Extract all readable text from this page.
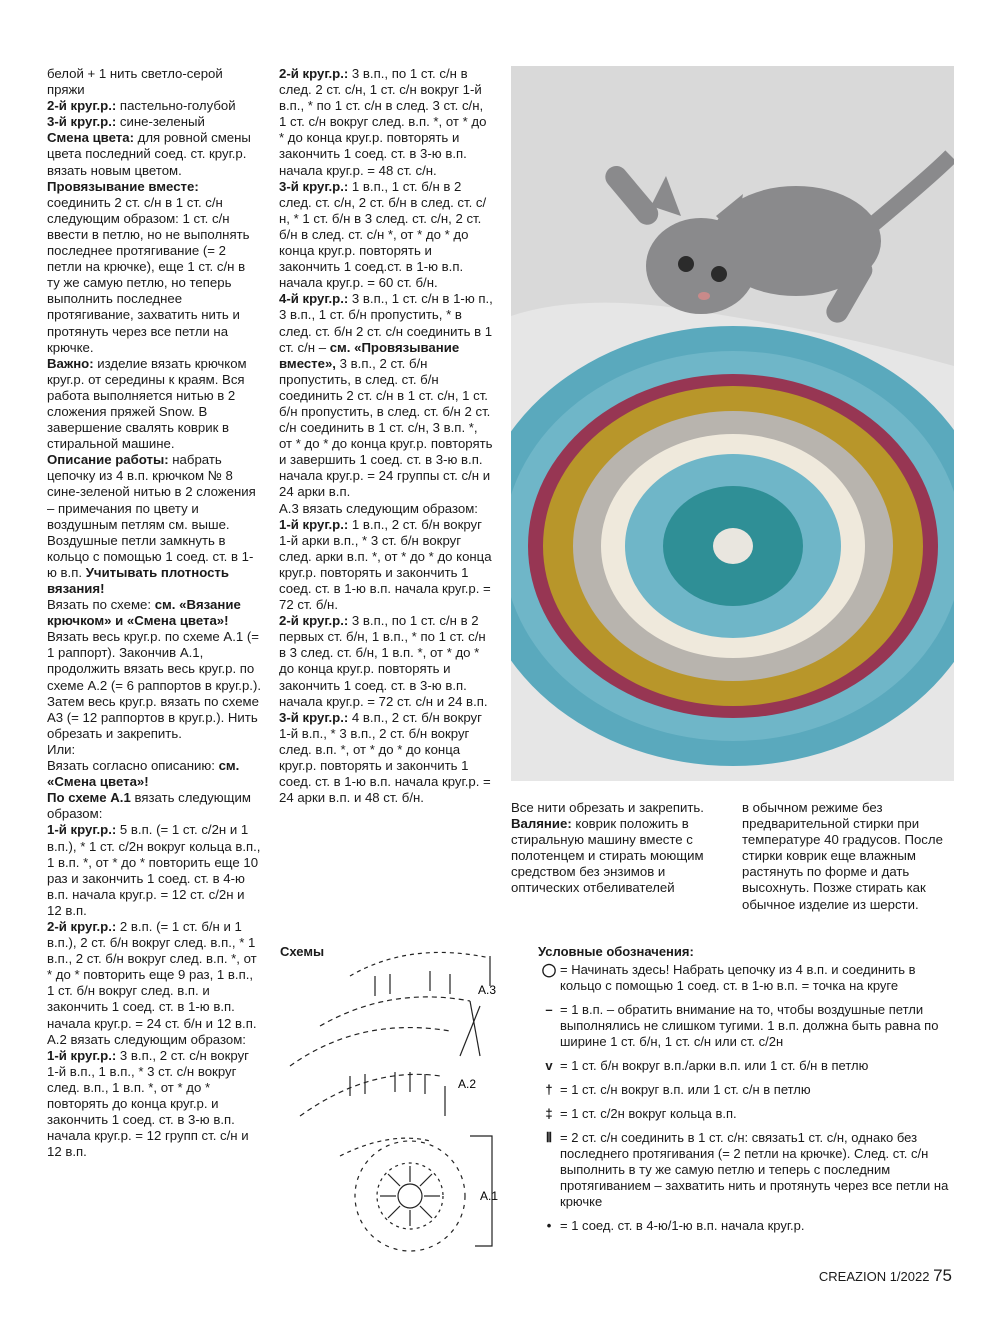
белой + 1 нить светло-серой пряжи

2-й круг.р.: пастельно-голубой

3-й круг.р.: сине-зеленый

Смена цвета: для ровной смены цвета последний соед. ст. круг.р. вязать новым цветом.

Провязывание вместе: соединить 2 ст. с/н в 1 ст. с/н следующим образом: 1 ст. с/н ввести в петлю, но не выполнять последнее протягивание (= 2 петли на крючке), еще 1 ст. с/н в ту же самую петлю, но теперь выполнить последнее протягивание, захватить нить и протянуть через все петли на крючке.

Важно: изделие вязать крючком круг.р. от середины к краям. Вся работа выполняется нитью в 2 сложения пряжей Snow. В завершение свалять коврик в стиральной машине.

Описание работы: набрать цепочку из 4 в.п. крючком № 8 сине-зеленой нитью в 2 сложения – примечания по цвету и воздушным петлям см. выше. Воздушные петли замкнуть в кольцо с помощью 1 соед. ст. в 1-ю в.п. Учитывать плотность вязания!

Вязать по схеме: см. «Вязание крючком» и «Смена цвета»!

Вязать весь круг.р. по схеме A.1 (= 1 раппорт). Закончив A.1, продолжить вязать весь круг.р. по схеме A.2 (= 6 раппортов в круг.р.). Затем весь круг.р. вязать по схеме A3 (= 12 раппортов в круг.р.). Нить обрезать и закрепить.

Или:

Вязать согласно описанию: см. «Смена цвета»!

По схеме A.1 вязать следующим образом:

1-й круг.р.: 5 в.п. (= 1 ст. с/2н и 1 в.п.), * 1 ст. с/2н вокруг кольца в.п., 1 в.п. *, от * до * повторить еще 10 раз и закончить 1 соед. ст. в 4-ю в.п. начала круг.р. = 12 ст. с/2н и 12 в.п.

2-й круг.р.: 2 в.п. (= 1 ст. б/н и 1 в.п.), 2 ст. б/н вокруг след. в.п., * 1 в.п., 2 ст. б/н вокруг след. в.п. *, от * до * повторить еще 9 раз, 1 в.п., 1 ст. б/н вокруг след. в.п. и закончить 1 соед. ст. в 1-ю в.п. начала круг.р. = 24 ст. б/н и 12 в.п.

A.2 вязать следующим образом:

1-й круг.р.: 3 в.п., 2 ст. с/н вокруг 1-й в.п., 1 в.п., * 3 ст. с/н вокруг след. в.п., 1 в.п. *, от * до * повторять до конца круг.р. и закончить 1 соед. ст. в 3-ю в.п. начала круг.р. = 12 групп ст. с/н и 12 в.п.

2-й круг.р.: 3 в.п., по 1 ст. с/н в след. 2 ст. с/н, 1 ст. с/н вокруг 1-й в.п., * по 1 ст. с/н в след. 3 ст. с/н, 1 ст. с/н вокруг след. в.п. *, от * до * до конца круг.р. повторять и закончить 1 соед. ст. в 3-ю в.п. начала круг.р. = 48 ст. с/н.

3-й круг.р.: 1 в.п., 1 ст. б/н в 2 след. ст. с/н, 2 ст. б/н в след. ст. с/н, * 1 ст. б/н в 3 след. ст. с/н, 2 ст. б/н в след. ст. с/н *, от * до * до конца круг.р. повторять и закончить 1 соед.ст. в 1-ю в.п. начала круг.р. = 60 ст. б/н.

4-й круг.р.: 3 в.п., 1 ст. с/н в 1-ю п., 3 в.п., 1 ст. б/н пропустить, * в след. ст. б/н 2 ст. с/н соединить в 1 ст. с/н – см. «Провязывание вместе», 3 в.п., 2 ст. б/н пропустить, в след. ст. б/н соединить 2 ст. с/н в 1 ст. с/н, 1 ст. б/н пропустить, в след. ст. б/н 2 ст. с/н соединить в 1 ст. с/н, 3 в.п. *, от * до * до конца круг.р. повторять и завершить 1 соед. ст. в 3-ю в.п. начала круг.р. = 24 группы ст. с/н и 24 арки в.п.

A.3 вязать следующим образом:

1-й круг.р.: 1 в.п., 2 ст. б/н вокруг 1-й арки в.п., * 3 ст. б/н вокруг след. арки в.п. *, от * до * до конца круг.р. повторять и закончить 1 соед. ст. в 1-ю в.п. начала круг.р. = 72 ст. б/н.

2-й круг.р.: 3 в.п., по 1 ст. с/н в 2 первых ст. б/н, 1 в.п., * по 1 ст. с/н в 3 след. ст. б/н, 1 в.п. *, от * до * до конца круг.р. повторять и закончить 1 соед. ст. в 3-ю в.п. начала круг.р. = 72 ст. с/н и 24 в.п.

3-й круг.р.: 4 в.п., 2 ст. б/н вокруг 1-й в.п., * 3 в.п., 2 ст. б/н вокруг след. в.п. *, от * до * до конца круг.р. повторять и закончить 1 соед. ст. в 1-ю в.п. начала круг.р. = 24 арки в.п. и 48 ст. б/н.

Все нити обрезать и закрепить.

Валяние: коврик положить в стиральную машину вместе с полотенцем и стирать моющим средством без энзимов и оптических отбеливателей

в обычном режиме без предварительной стирки при температуре 40 градусов. После стирки коврик еще влажным растянуть по форме и дать высохнуть. Позже стирать как обычное изделие из шерсти.

Схемы
A.3
A.2
A.1
Условные обозначения:
◯ = Начинать здесь! Набрать цепочку из 4 в.п. и соединить в кольцо с помощью 1 соед. ст. в 1-ю в.п. = точка на круге
– = 1 в.п. – обратить внимание на то, чтобы воздушные петли выполнялись не слишком тугими. 1 в.п. должна быть равна по ширине 1 ст. б/н, 1 ст. с/н или ст. с/2н
v = 1 ст. б/н вокруг в.п./арки в.п. или 1 ст. б/н в петлю
† = 1 ст. с/н вокруг в.п. или 1 ст. с/н в петлю
‡ = 1 ст. с/2н вокруг кольца в.п.
⦀ = 2 ст. с/н соединить в 1 ст. с/н: связать1 ст. с/н, однако без последнего протягивания (= 2 петли на крючке). След. ст. с/н выполнить в ту же самую петлю и теперь с последним протягиванием – захватить нить и протянуть через все петли на крючке
• = 1 соед. ст. в 4-ю/1-ю в.п. начала круг.р.
CREAZION 1/2022 75
